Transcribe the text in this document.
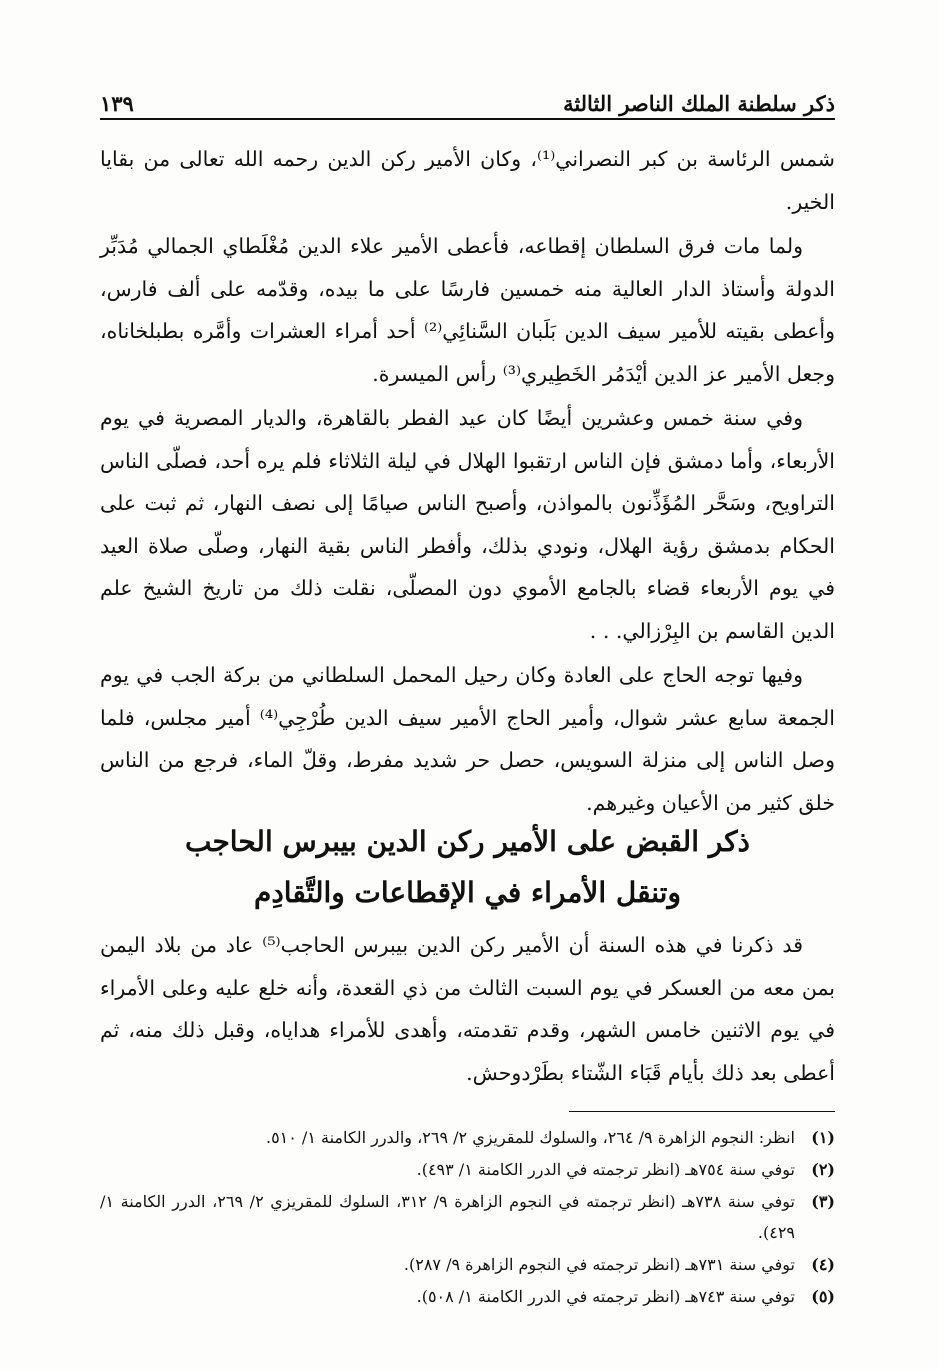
ذكر سلطنة الملك الناصر الثالثة
١٣٩

شمس الرئاسة بن كبر النصراني⁽¹⁾، وكان الأمير ركن الدين رحمه الله تعالى من بقايا الخير.

ولما مات فرق السلطان إقطاعه، فأعطى الأمير علاء الدين مُغْلَطاي الجمالي مُدَبِّر الدولة وأستاذ الدار العالية منه خمسين فارسًا على ما بيده، وقدّمه على ألف فارس، وأعطى بقيته للأمير سيف الدين بَلَبان السَّنائِي⁽²⁾ أحد أمراء العشرات وأمَّره بطبلخاناه، وجعل الأمير عز الدين أيْدَمُر الخَطِيري⁽³⁾ رأس الميسرة.

وفي سنة خمس وعشرين أيضًا كان عيد الفطر بالقاهرة، والديار المصرية في يوم الأربعاء، وأما دمشق فإن الناس ارتقبوا الهلال في ليلة الثلاثاء فلم يره أحد، فصلّى الناس التراويح، وسَحَّر المُؤَذِّنون بالمواذن، وأصبح الناس صيامًا إلى نصف النهار، ثم ثبت على الحكام بدمشق رؤية الهلال، ونودي بذلك، وأفطر الناس بقية النهار، وصلّى صلاة العيد في يوم الأربعاء قضاء بالجامع الأموي دون المصلّى، نقلت ذلك من تاريخ الشيخ علم الدين القاسم بن البِرْزالي. . .

وفيها توجه الحاج على العادة وكان رحيل المحمل السلطاني من بركة الجب في يوم الجمعة سابع عشر شوال، وأمير الحاج الأمير سيف الدين طُرْجِي⁽⁴⁾ أمير مجلس، فلما وصل الناس إلى منزلة السويس، حصل حر شديد مفرط، وقلّ الماء، فرجع من الناس خلق كثير من الأعيان وغيرهم.

ذكر القبض على الأمير ركن الدين بيبرس الحاجب
وتنقل الأمراء في الإقطاعات والتَّقادِم

قد ذكرنا في هذه السنة أن الأمير ركن الدين بيبرس الحاجب⁽⁵⁾ عاد من بلاد اليمن بمن معه من العسكر في يوم السبت الثالث من ذي القعدة، وأنه خلع عليه وعلى الأمراء في يوم الاثنين خامس الشهر، وقدم تقدمته، وأهدى للأمراء هداياه، وقبل ذلك منه، ثم أعطى بعد ذلك بأيام قَبَاء الشّتاء بطَرْدوحش.

(١)
انظر: النجوم الزاهرة ٩/ ٢٦٤، والسلوك للمقريزي ٢/ ٢٦٩، والدرر الكامنة ١/ ٥١٠.
(٢)
توفي سنة ٧٥٤هـ (انظر ترجمته في الدرر الكامنة ١/ ٤٩٣).
(٣)
توفي سنة ٧٣٨هـ (انظر ترجمته في النجوم الزاهرة ٩/ ٣١٢، السلوك للمقريزي ٢/ ٢٦٩، الدرر الكامنة ١/ ٤٢٩).
(٤)
توفي سنة ٧٣١هـ (انظر ترجمته في النجوم الزاهرة ٩/ ٢٨٧).
(٥)
توفي سنة ٧٤٣هـ (انظر ترجمته في الدرر الكامنة ١/ ٥٠٨).
